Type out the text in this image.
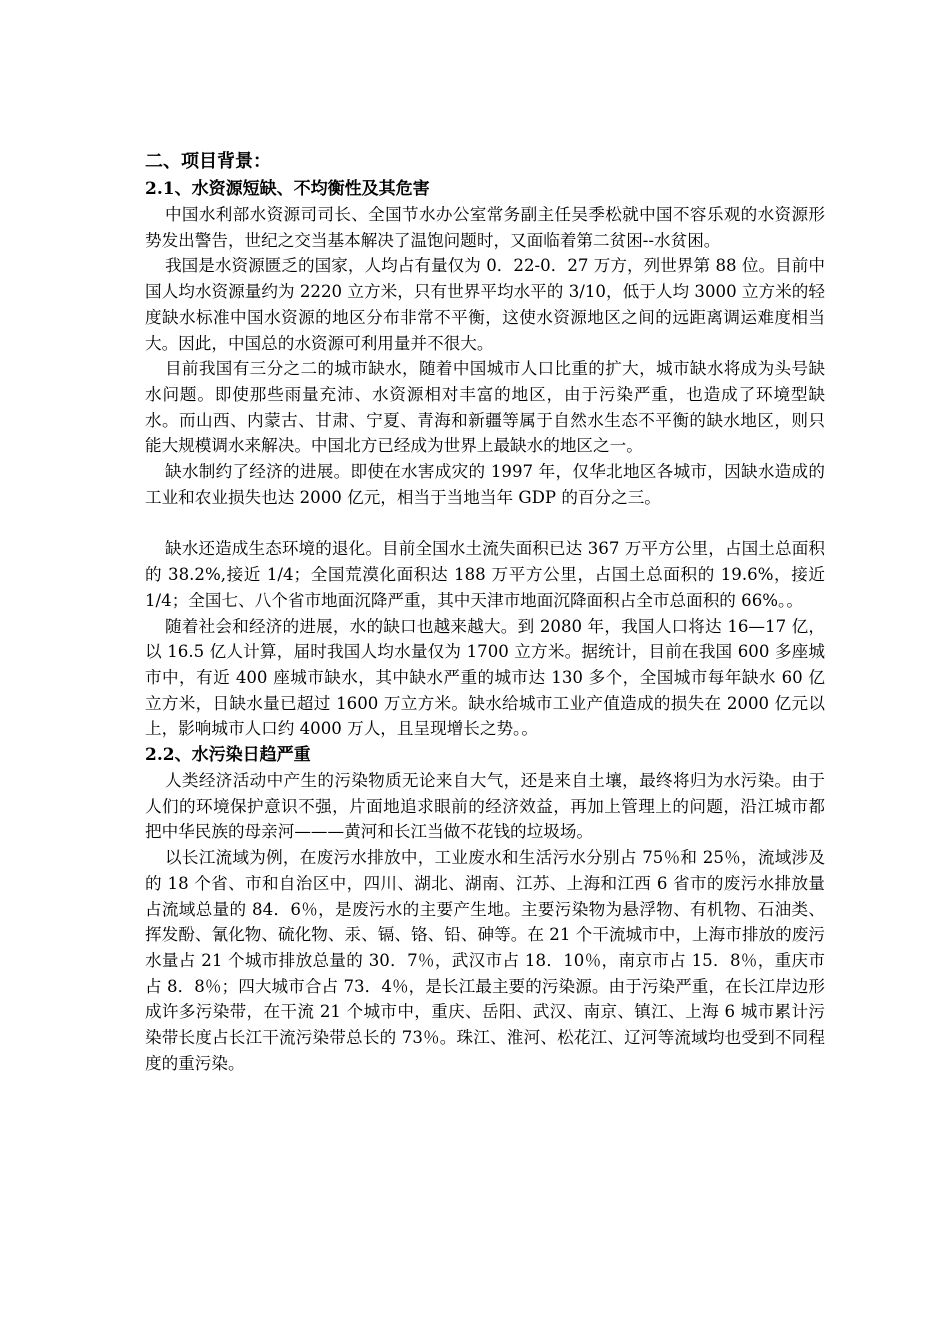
二、项目背景：

2.1、水资源短缺、不均衡性及其危害

中国水利部水资源司司长、全国节水办公室常务副主任吴季松就中国不容乐观的水资源形势发出警告，世纪之交当基本解决了温饱问题时，又面临着第二贫困--水贫困。

我国是水资源匮乏的国家，人均占有量仅为 0．22-0．27 万方，列世界第 88 位。目前中国人均水资源量约为 2220 立方米，只有世界平均水平的 3/10，低于人均 3000 立方米的轻度缺水标准中国水资源的地区分布非常不平衡，这使水资源地区之间的远距离调运难度相当大。因此，中国总的水资源可利用量并不很大。

目前我国有三分之二的城市缺水，随着中国城市人口比重的扩大，城市缺水将成为头号缺水问题。即使那些雨量充沛、水资源相对丰富的地区，由于污染严重，也造成了环境型缺水。而山西、内蒙古、甘肃、宁夏、青海和新疆等属于自然水生态不平衡的缺水地区，则只能大规模调水来解决。中国北方已经成为世界上最缺水的地区之一。

缺水制约了经济的进展。即使在水害成灾的 1997 年，仅华北地区各城市，因缺水造成的工业和农业损失也达 2000 亿元，相当于当地当年 GDP 的百分之三。

缺水还造成生态环境的退化。目前全国水土流失面积已达 367 万平方公里，占国土总面积的 38.2%,接近 1/4；全国荒漠化面积达 188 万平方公里，占国土总面积的 19.6%，接近 1/4；全国七、八个省市地面沉降严重，其中天津市地面沉降面积占全市总面积的 66%。。

随着社会和经济的进展，水的缺口也越来越大。到 2080 年，我国人口将达 16—17 亿，以 16.5 亿人计算，届时我国人均水量仅为 1700 立方米。据统计，目前在我国 600 多座城市中，有近 400 座城市缺水，其中缺水严重的城市达 130 多个，全国城市每年缺水 60 亿立方米，日缺水量已超过 1600 万立方米。缺水给城市工业产值造成的损失在 2000 亿元以上，影响城市人口约 4000 万人，且呈现增长之势。。

2.2、水污染日趋严重

人类经济活动中产生的污染物质无论来自大气，还是来自土壤，最终将归为水污染。由于人们的环境保护意识不强，片面地追求眼前的经济效益，再加上管理上的问题，沿江城市都把中华民族的母亲河———黄河和长江当做不花钱的垃圾场。

以长江流域为例，在废污水排放中，工业废水和生活污水分别占 75％和 25％，流域涉及的 18 个省、市和自治区中，四川、湖北、湖南、江苏、上海和江西 6 省市的废污水排放量占流域总量的 84．6％，是废污水的主要产生地。主要污染物为悬浮物、有机物、石油类、挥发酚、氰化物、硫化物、汞、镉、铬、铅、砷等。在 21 个干流城市中，上海市排放的废污水量占 21 个城市排放总量的 30．7％，武汉市占 18．10％，南京市占 15．8％，重庆市占 8．8％；四大城市合占 73．4％，是长江最主要的污染源。由于污染严重，在长江岸边形成许多污染带，在干流 21 个城市中，重庆、岳阳、武汉、南京、镇江、上海 6 城市累计污染带长度占长江干流污染带总长的 73％。珠江、淮河、松花江、辽河等流域均也受到不同程度的重污染。
